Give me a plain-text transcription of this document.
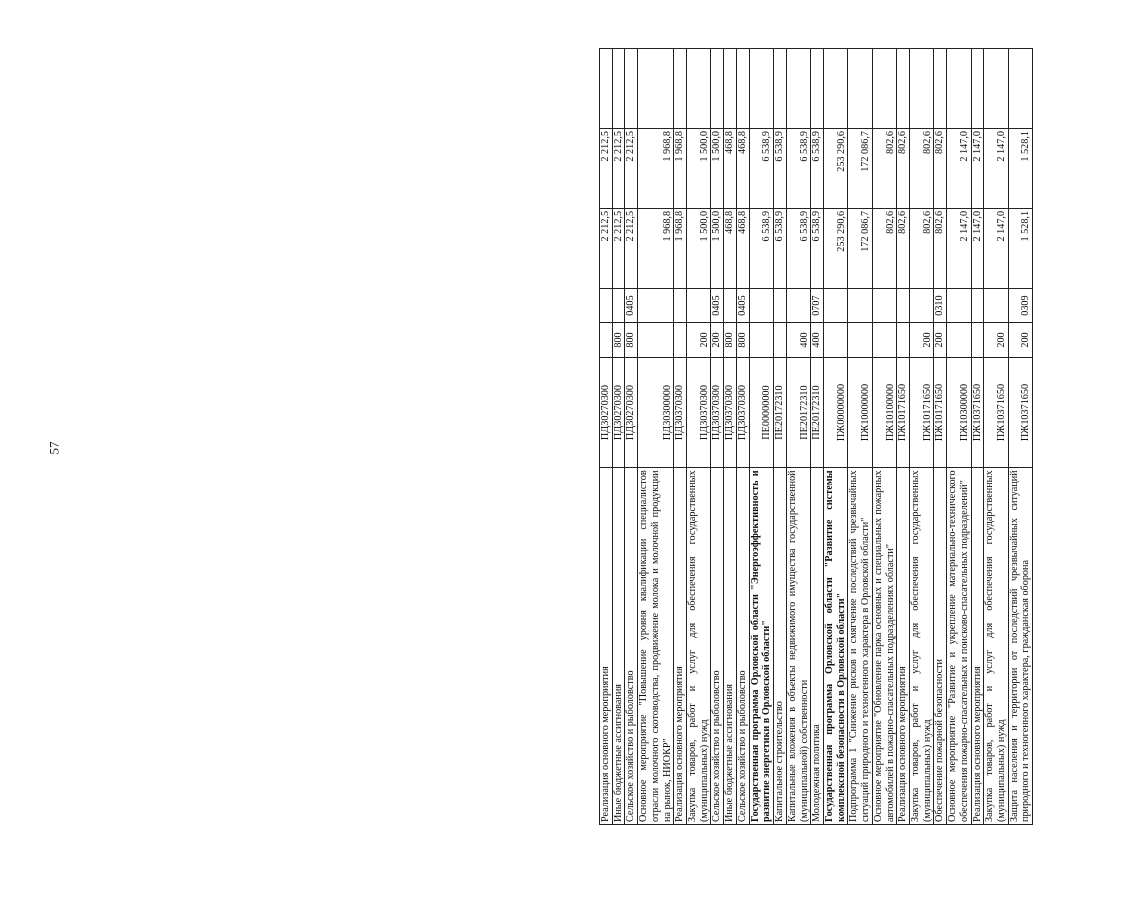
57
Реализация основного мероприятия	ПД30270300			2 212,5	2 212,5	
Иные бюджетные ассигнования	ПД30270300	800		2 212,5	2 212,5	
Сельское хозяйство и рыболовство	ПД30270300	800	0405	2 212,5	2 212,5	
Основное мероприятие "Повышение уровня квалификации специалистов отрасли молочного скотоводства, продвижение молока и молочной продукции на рынок, НИОКР"	ПД30300000			1 968,8	1 968,8	
Реализация основного мероприятия	ПД30370300			1 968,8	1 968,8	
Закупка товаров, работ и услуг для обеспечения государственных (муниципальных) нужд	ПД30370300	200		1 500,0	1 500,0	
Сельское хозяйство и рыболовство	ПД30370300	200	0405	1 500,0	1 500,0	
Иные бюджетные ассигнования	ПД30370300	800		468,8	468,8	
Сельское хозяйство и рыболовство	ПД30370300	800	0405	468,8	468,8	
Государственная программа Орловской области "Энергоэффективность и развитие энергетики в Орловской области"	ПЕ00000000			6 538,9	6 538,9	
Капитальное строительство	ПЕ20172310			6 538,9	6 538,9	
Капитальные вложения в объекты недвижимого имущества государственной (муниципальной) собственности	ПЕ20172310	400		6 538,9	6 538,9	
Молодежная политика	ПЕ20172310	400	0707	6 538,9	6 538,9	
Государственная программа Орловской области "Развитие системы комплексной безопасности в Орловской области"	ПЖ00000000			253 290,6	253 290,6	
Подпрограмма 1 "Снижение рисков и смягчение последствий чрезвычайных ситуаций природного и техногенного характера в Орловской области"	ПЖ10000000			172 086,7	172 086,7	
Основное мероприятие "Обновление парка основных и специальных пожарных автомобилей в пожарно-спасательных подразделениях области"	ПЖ10100000			802,6	802,6	
Реализация основного мероприятия	ПЖ10171650			802,6	802,6	
Закупка товаров, работ и услуг для обеспечения государственных (муниципальных) нужд	ПЖ10171650	200		802,6	802,6	
Обеспечение пожарной безопасности	ПЖ10171650	200	0310	802,6	802,6	
Основное мероприятие "Развитие и укрепление материально-технического обеспечения пожарно-спасательных и поисково-спасательных подразделений"	ПЖ10300000			2 147,0	2 147,0	
Реализация основного мероприятия	ПЖ10371650			2 147,0	2 147,0	
Закупка товаров, работ и услуг для обеспечения государственных (муниципальных) нужд	ПЖ10371650	200		2 147,0	2 147,0	
Защита населения и территории от последствий чрезвычайных ситуаций природного и техногенного характера, гражданская оборона	ПЖ10371650	200	0309	1 528,1	1 528,1	
